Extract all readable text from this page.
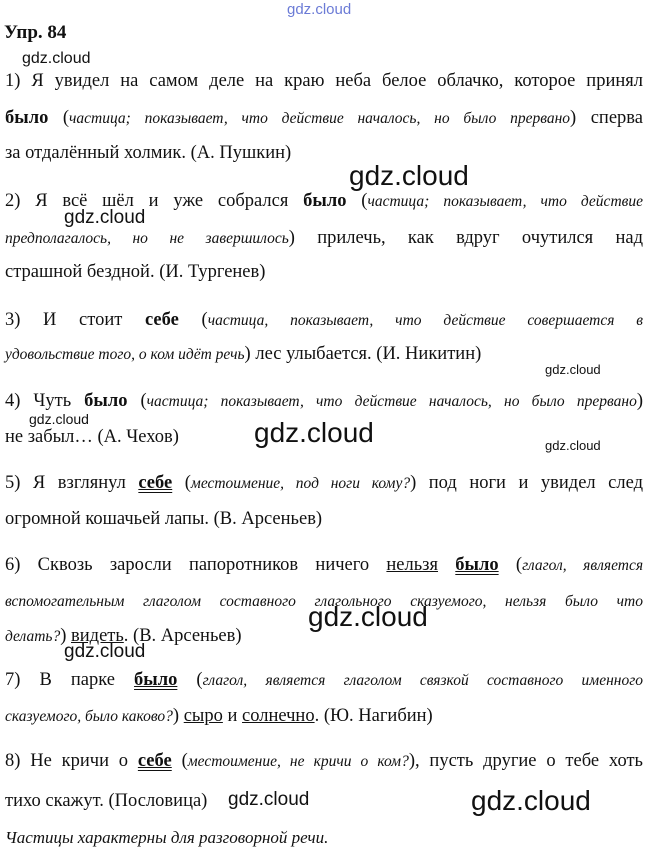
gdz.cloud
Упр. 84
gdz.cloud
1) Я увидел на самом деле на краю неба белое облачко, которое принял
было (частица; показывает, что действие началось, но было прервано) сперва
за отдалённый холмик. (А. Пушкин)
gdz.cloud
2) Я всё шёл и уже собрался было (частица; показывает, что действие
gdz.cloud
предполагалось, но не завершилось) прилечь, как вдруг очутился над
страшной бездной. (И. Тургенев)
3) И стоит себе (частица, показывает, что действие совершается в
удовольствие того, о ком идёт речь) лес улыбается. (И. Никитин)
gdz.cloud
4) Чуть было (частица; показывает, что действие началось, но было прервано)
gdz.cloud
не забыл… (А. Чехов)	gdz.cloud	gdz.cloud
5) Я взглянул себе (местоимение, под ноги кому?) под ноги и увидел след
огромной кошачьей лапы. (В. Арсеньев)
6) Сквозь заросли папоротников ничего нельзя было (глагол, является
вспомогательным глаголом составного глагольного сказуемого, нельзя было что
gdz.cloud
делать?) видеть. (В. Арсеньев)
gdz.cloud
7) В парке было (глагол, является глаголом связкой составного именного
сказуемого, было каково?) сыро и солнечно. (Ю. Нагибин)
8) Не кричи о себе (местоимение, не кричи о ком?), пусть другие о тебе хоть
тихо скажут. (Пословица)	gdz.cloud	gdz.cloud
Частицы характерны для разговорной речи.
